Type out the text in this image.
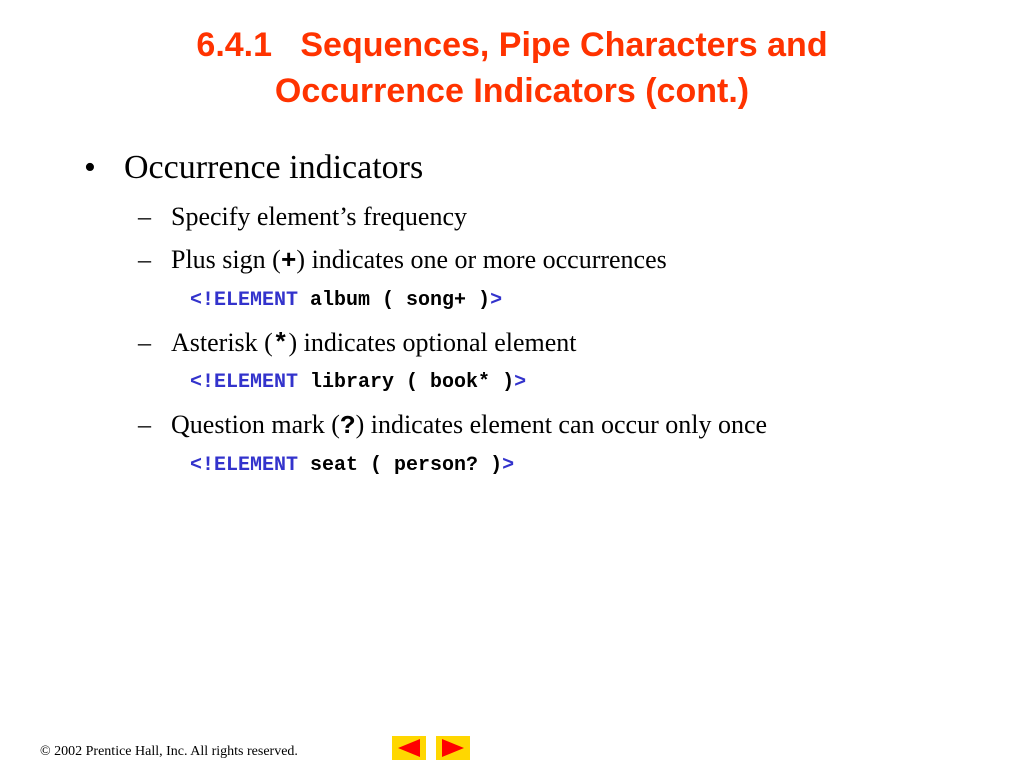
6.4.1   Sequences, Pipe Characters and
Occurrence Indicators (cont.)
• Occurrence indicators
– Specify element’s frequency
– Plus sign (+) indicates one or more occurrences
<!ELEMENT album ( song+ )>
– Asterisk (*) indicates optional element
<!ELEMENT library ( book* )>
– Question mark (?) indicates element can occur only once
<!ELEMENT seat ( person? )>
© 2002 Prentice Hall, Inc. All rights reserved.
